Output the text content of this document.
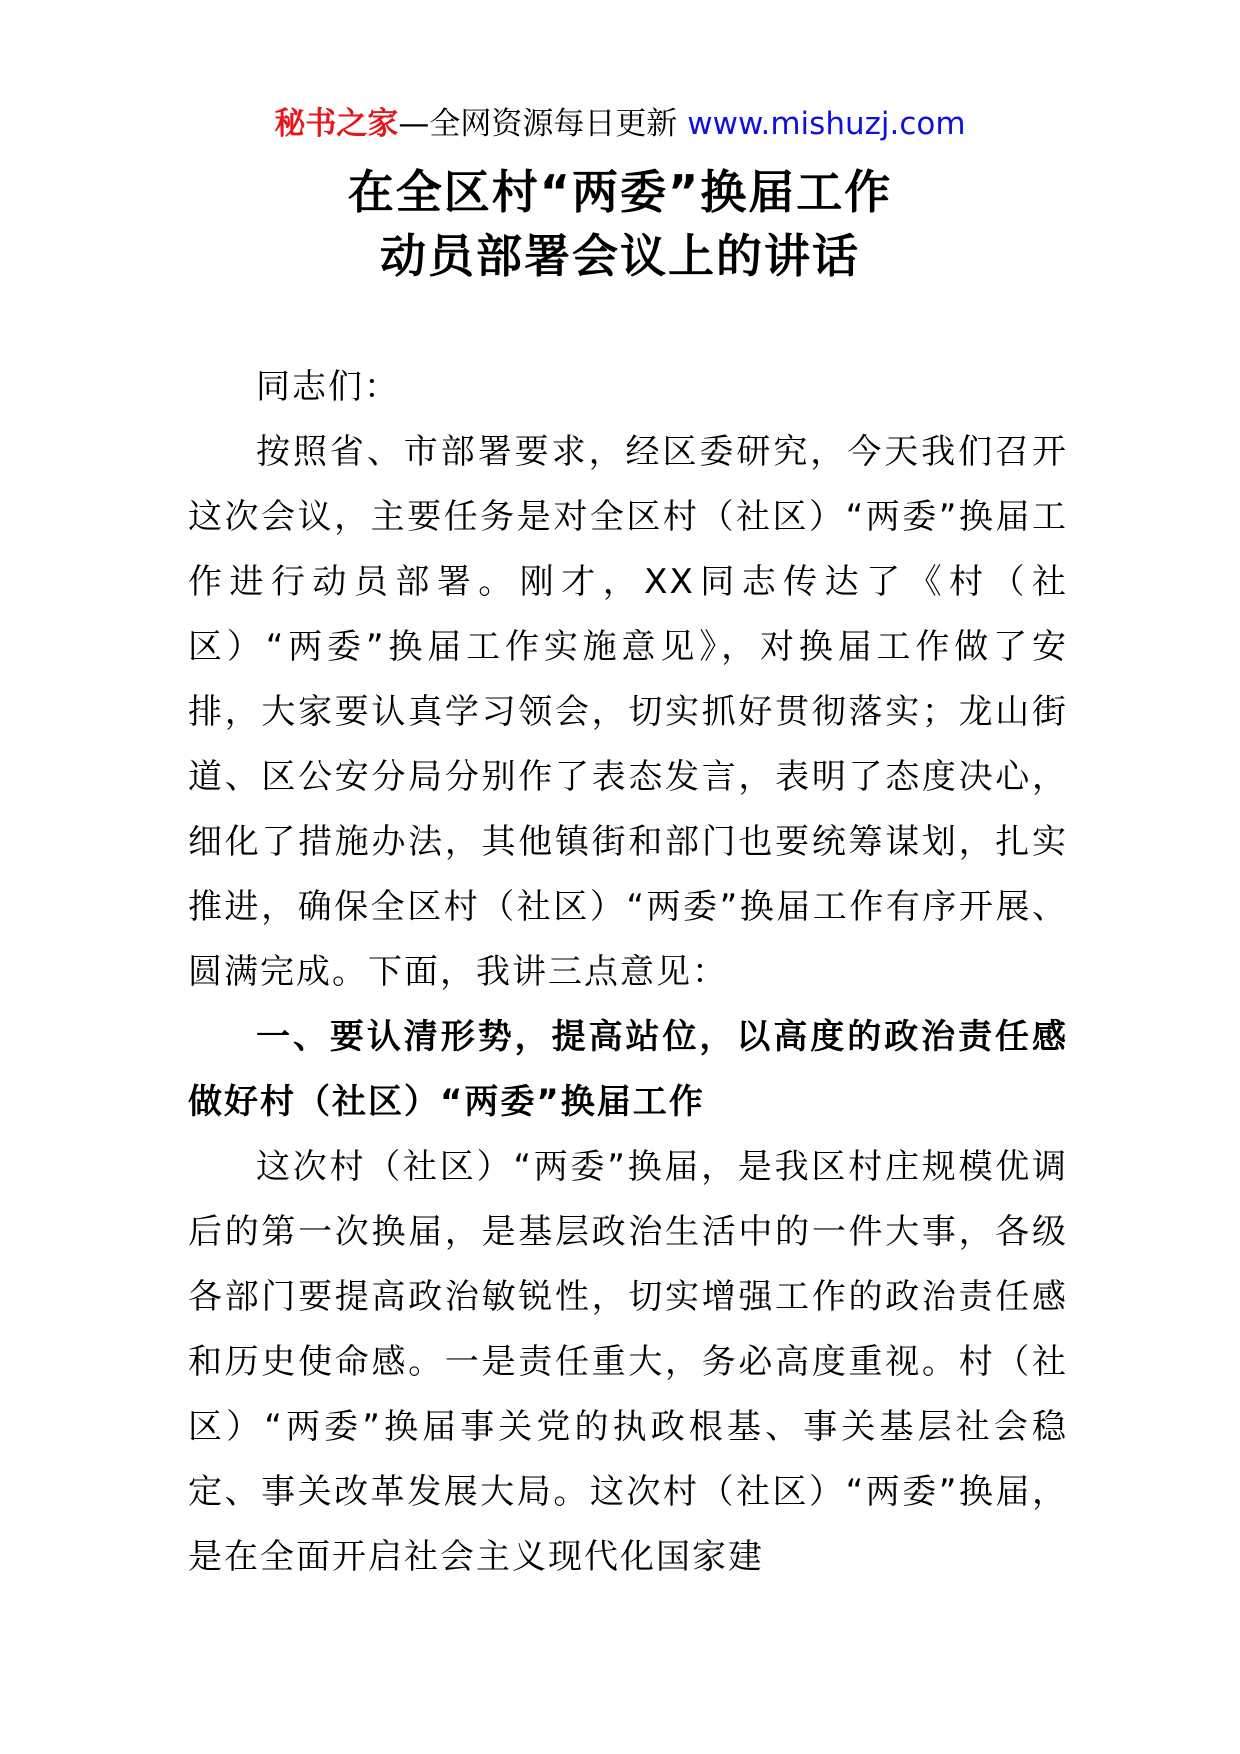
秘书之家—全网资源每日更新 www.mishuzj.com
在全区村“两委”换届工作
动员部署会议上的讲话

同志们：

按照省、市部署要求，经区委研究，今天我们召开这次会议，主要任务是对全区村（社区）“两委”换届工作进行动员部署。刚才，XX同志传达了《村（社区）“两委”换届工作实施意见》，对换届工作做了安排，大家要认真学习领会，切实抓好贯彻落实；龙山街道、区公安分局分别作了表态发言，表明了态度决心，细化了措施办法，其他镇街和部门也要统筹谋划，扎实推进，确保全区村（社区）“两委”换届工作有序开展、圆满完成。下面，我讲三点意见：

一、要认清形势，提高站位，以高度的政治责任感做好村（社区）“两委”换届工作

这次村（社区）“两委”换届，是我区村庄规模优调后的第一次换届，是基层政治生活中的一件大事，各级各部门要提高政治敏锐性，切实增强工作的政治责任感和历史使命感。一是责任重大，务必高度重视。村（社区）“两委”换届事关党的执政根基、事关基层社会稳定、事关改革发展大局。这次村（社区）“两委”换届，是在全面开启社会主义现代化国家建
